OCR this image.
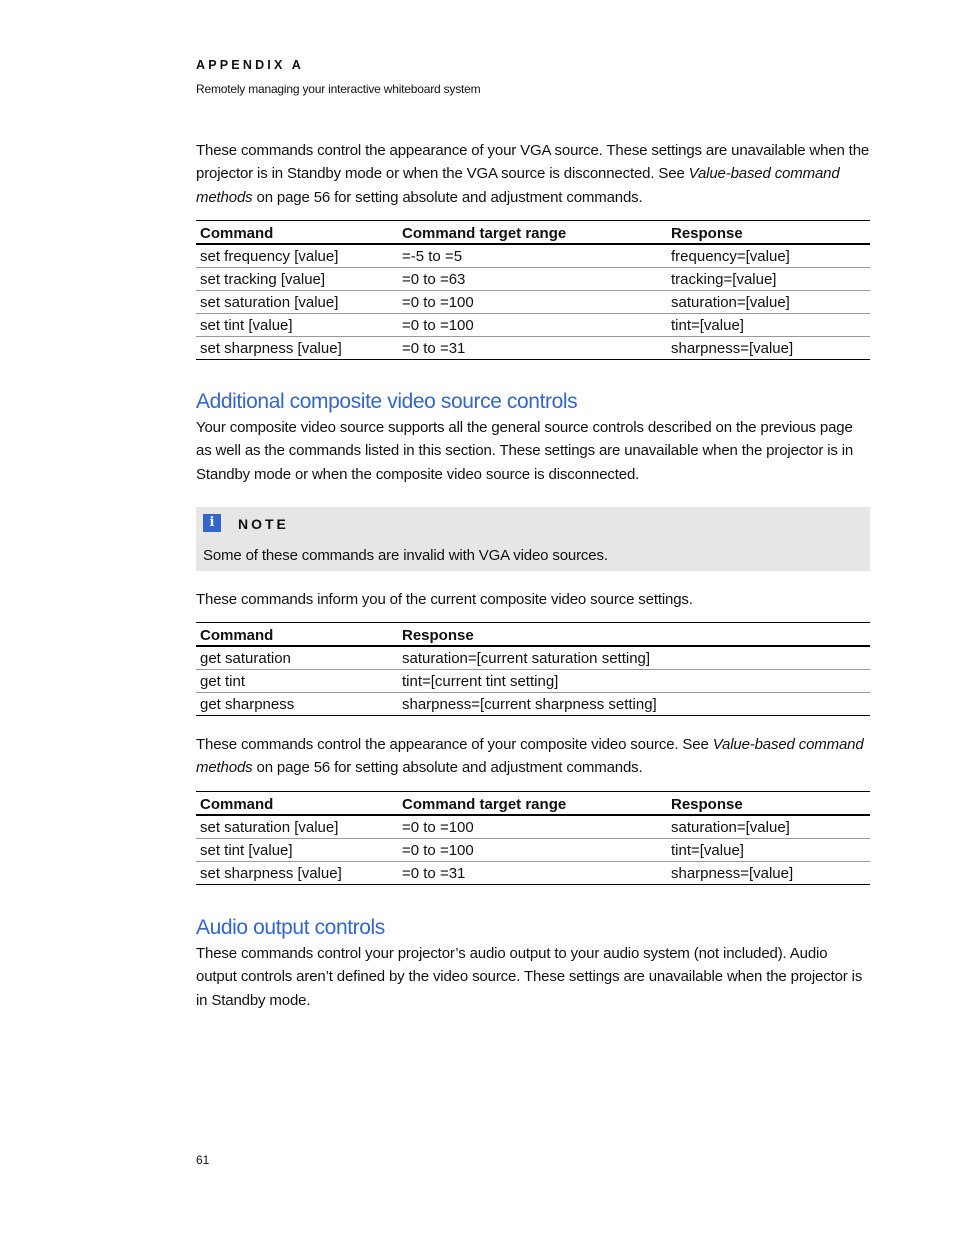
APPENDIX A
Remotely managing your interactive whiteboard system

These commands control the appearance of your VGA source. These settings are unavailable when the projector is in Standby mode or when the VGA source is disconnected. See Value-based command methods on page 56 for setting absolute and adjustment commands.

Command	Command target range	Response
set frequency [value]	=-5 to =5	frequency=[value]
set tracking [value]	=0 to =63	tracking=[value]
set saturation [value]	=0 to =100	saturation=[value]
set tint [value]	=0 to =100	tint=[value]
set sharpness [value]	=0 to =31	sharpness=[value]
Additional composite video source controls

Your composite video source supports all the general source controls described on the previous page as well as the commands listed in this section. These settings are unavailable when the projector is in Standby mode or when the composite video source is disconnected.

i	NOTE
Some of these commands are invalid with VGA video sources.

These commands inform you of the current composite video source settings.

Command	Response
get saturation	saturation=[current saturation setting]
get tint	tint=[current tint setting]
get sharpness	sharpness=[current sharpness setting]

These commands control the appearance of your composite video source. See Value-based command methods on page 56 for setting absolute and adjustment commands.

Command	Command target range	Response
set saturation [value]	=0 to =100	saturation=[value]
set tint [value]	=0 to =100	tint=[value]
set sharpness [value]	=0 to =31	sharpness=[value]
Audio output controls

These commands control your projector’s audio output to your audio system (not included). Audio output controls aren’t defined by the video source. These settings are unavailable when the projector is in Standby mode.

61
